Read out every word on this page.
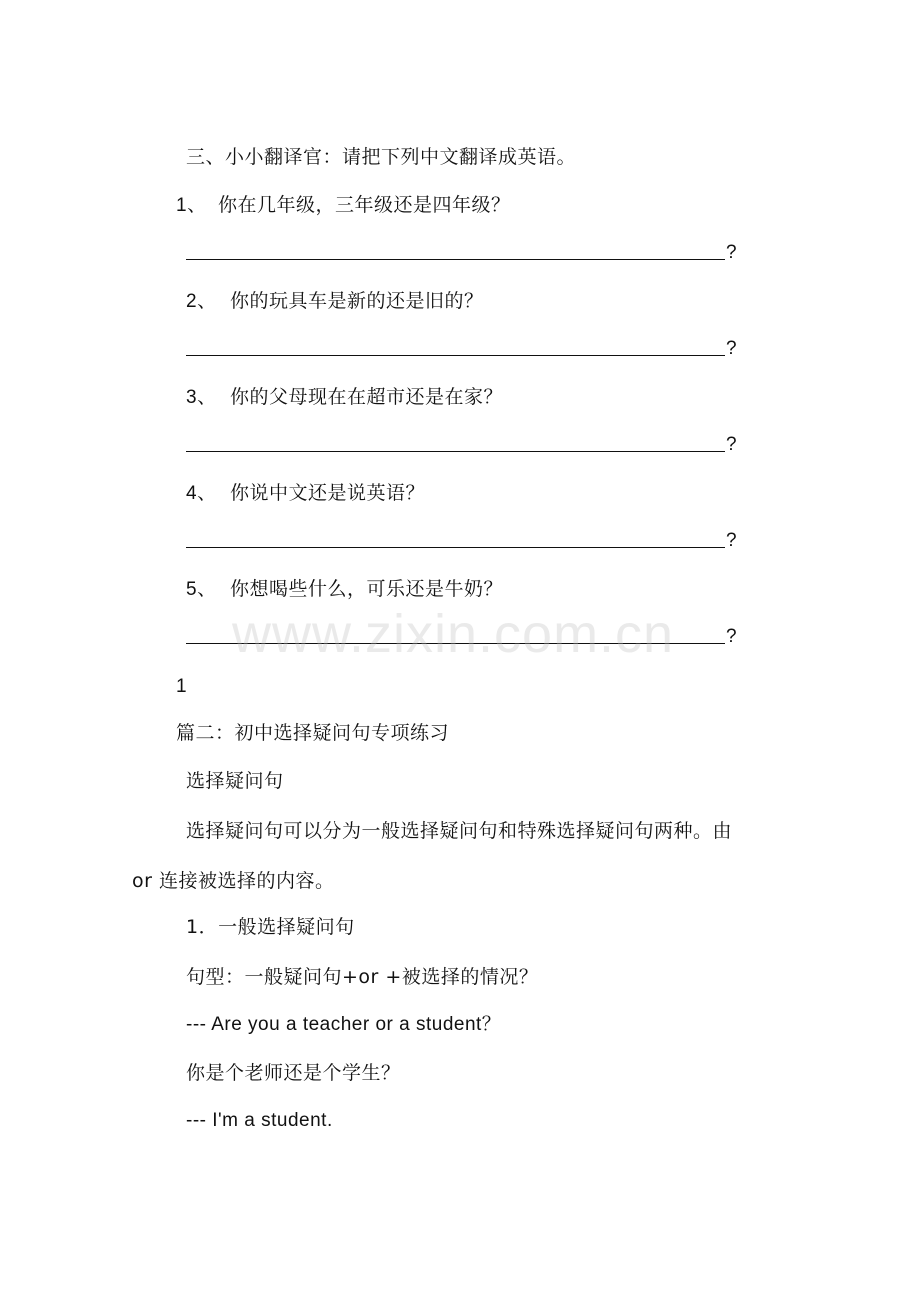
三、小小翻译官：请把下列中文翻译成英语。
1、 你在几年级，三年级还是四年级？
?
2、 你的玩具车是新的还是旧的？
?
3、 你的父母现在在超市还是在家？
?
4、 你说中文还是说英语？
?
5、 你想喝些什么，可乐还是牛奶？
?
www.zixin.com.cn
1
篇二：初中选择疑问句专项练习
选择疑问句
选择疑问句可以分为一般选择疑问句和特殊选择疑问句两种。由
or 连接被选择的内容。
1．一般选择疑问句
句型：一般疑问句+or +被选择的情况？
--- Are you a teacher or a student？
你是个老师还是个学生？
--- I'm a student.
